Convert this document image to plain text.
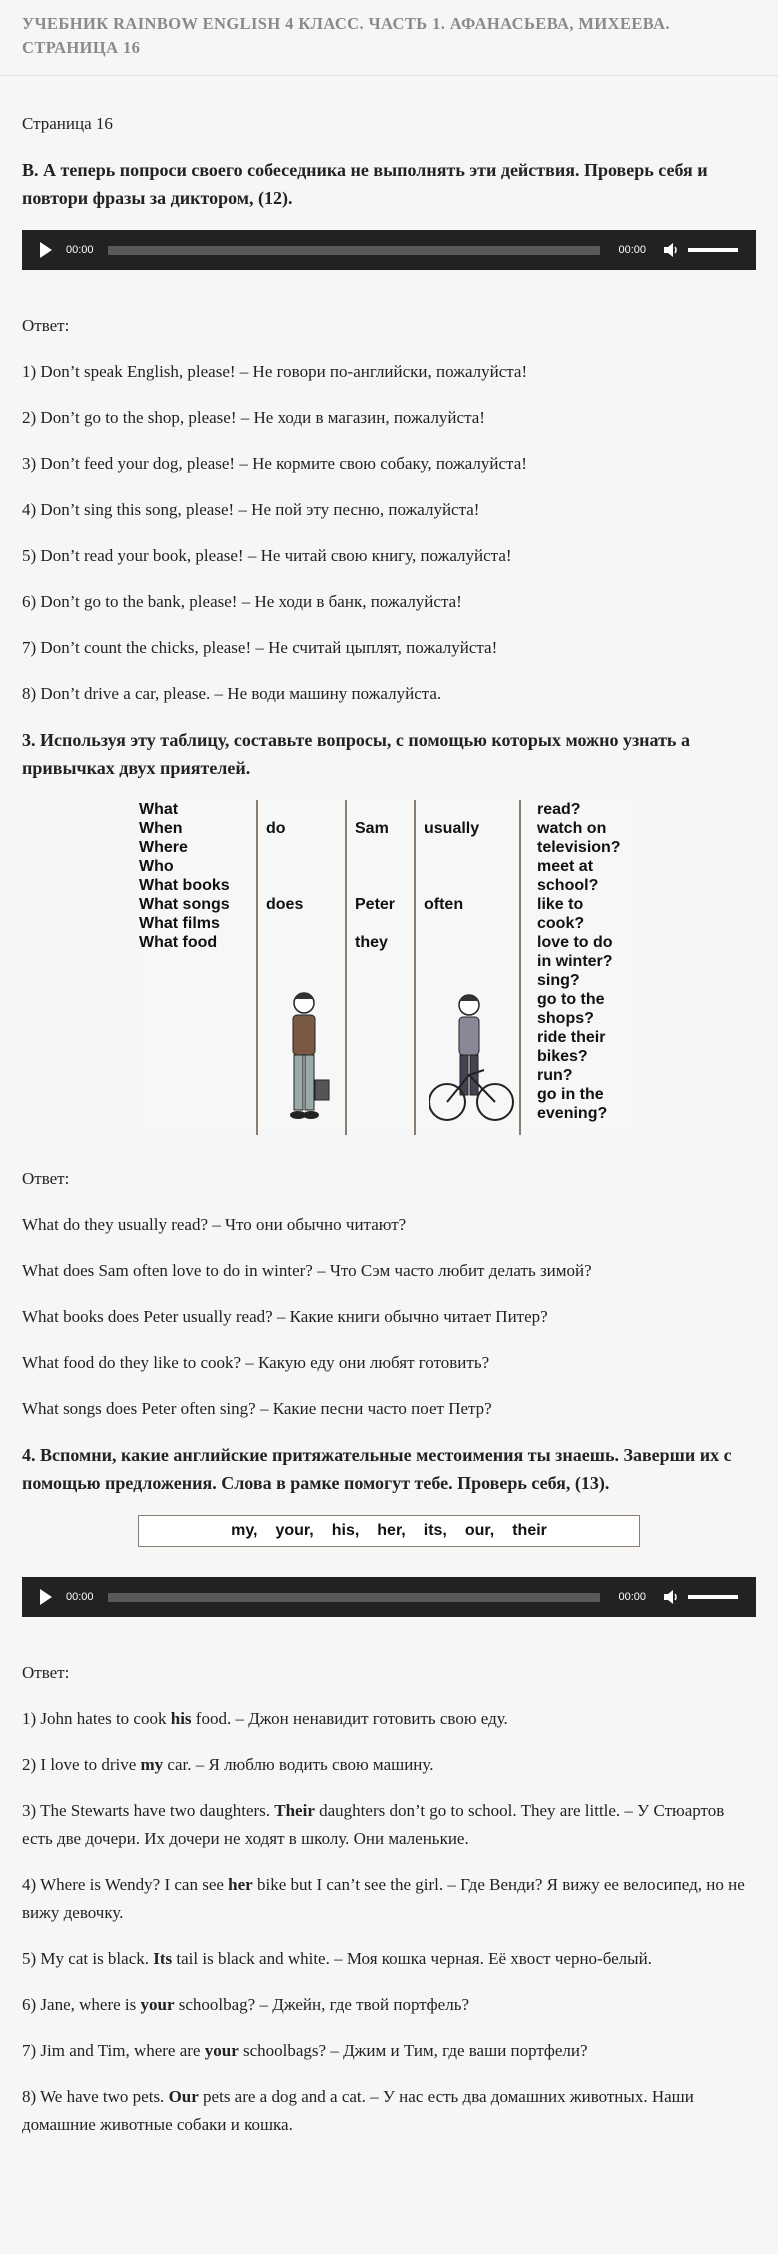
УЧЕБНИК RAINBOW ENGLISH 4 КЛАСС. ЧАСТЬ 1. АФАНАСЬЕВА, МИХЕЕВА. СТРАНИЦА 16
Страница 16
B. А теперь попроси своего собеседника не выполнять эти действия. Проверь себя и повтори фразы за диктором, (12).
00:00	00:00
Ответ:
1) Don’t speak English, please! – Не говори по-английски, пожалуйста!
2) Don’t go to the shop, please! – Не ходи в магазин, пожалуйста!
3) Don’t feed your dog, please! – Не кормите свою собаку, пожалуйста!
4) Don’t sing this song, please! – Не пой эту песню, пожалуйста!
5) Don’t read your book, please! – Не читай свою книгу, пожалуйста!
6) Don’t go to the bank, please! – Не ходи в банк, пожалуйста!
7) Don’t count the chicks, please! – Не считай цыплят, пожалуйста!
8) Don’t drive a car, please. – Не води машину пожалуйста.
3. Используя эту таблицу, составьте вопросы, с помощью которых можно узнать а привычках двух приятелей.
What
When
Where
Who
What books
What songs
What films
What food
do

does
Sam

Peter

they
usually

often
read?
watch on
television?
meet at
school?
like to
cook?
love to do
in winter?
sing?
go to the
shops?
ride their
bikes?
run?
go in the
evening?
Ответ:
What do they usually read? – Что они обычно читают?
What does Sam often love to do in winter? – Что Сэм часто любит делать зимой?
What books does Peter usually read? – Какие книги обычно читает Питер?
What food do they like to cook? – Какую еду они любят готовить?
What songs does Peter often sing? – Какие песни часто поет Петр?
4. Вспомни, какие английские притяжательные местоимения ты знаешь. Заверши их с помощью предложения. Слова в рамке помогут тебе. Проверь себя, (13).
my, your, his, her, its, our, their
00:00	00:00
Ответ:
1) John hates to cook his food. – Джон ненавидит готовить свою еду.
2) I love to drive my car. – Я люблю водить свою машину.
3) The Stewarts have two daughters. Their daughters don’t go to school. They are little. – У Стюартов есть две дочери. Их дочери не ходят в школу. Они маленькие.
4) Where is Wendy? I can see her bike but I can’t see the girl. – Где Венди? Я вижу ее велосипед, но не вижу девочку.
5) My cat is black. Its tail is black and white. – Моя кошка черная. Её хвост черно-белый.
6) Jane, where is your schoolbag? – Джейн, где твой портфель?
7) Jim and Tim, where are your schoolbags? – Джим и Тим, где ваши портфели?
8) We have two pets. Our pets are a dog and a cat. – У нас есть два домашних животных. Наши домашние животные собаки и кошка.
